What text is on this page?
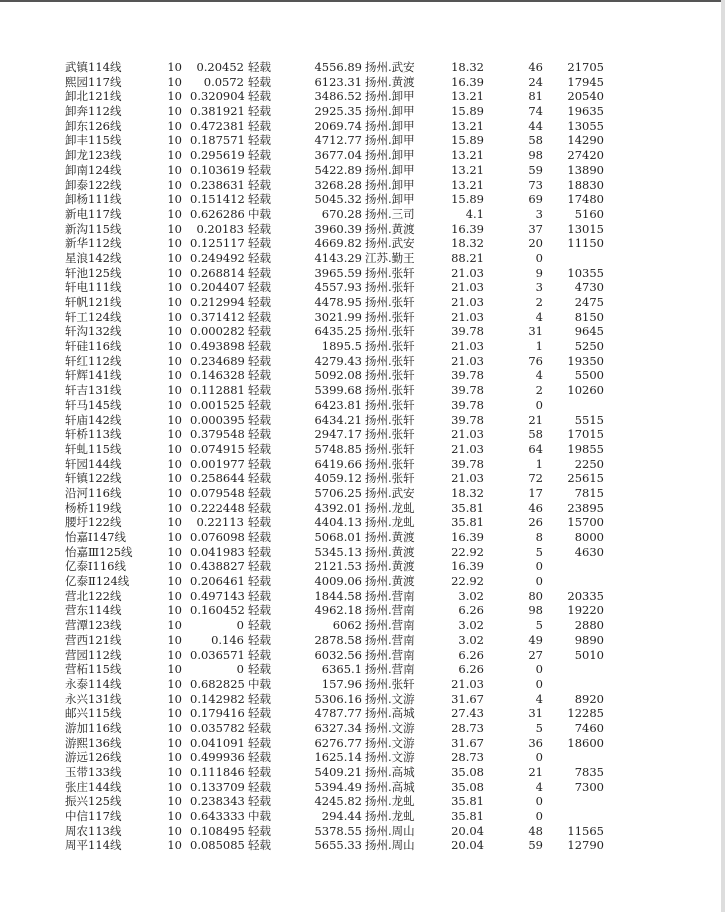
武镇114线	10	0.20452 轻载	4556.89 扬州.武安	18.32	46	21705
熙园117线	10	0.0572 轻载	6123.31 扬州.黄渡	16.39	24	17945
卸北121线	10 0.320904 轻载	3486.52 扬州.卸甲	13.21	81	20540
卸奔112线	10 0.381921 轻载	2925.35 扬州.卸甲	15.89	74	19635
卸东126线	10 0.472381 轻载	2069.74 扬州.卸甲	13.21	44	13055
卸丰115线	10 0.187571 轻载	4712.77 扬州.卸甲	15.89	58	14290
卸龙123线	10 0.295619 轻载	3677.04 扬州.卸甲	13.21	98	27420
卸南124线	10 0.103619 轻载	5422.89 扬州.卸甲	13.21	59	13890
卸泰122线	10 0.238631 轻载	3268.28 扬州.卸甲	13.21	73	18830
卸杨111线	10 0.151412 轻载	5045.32 扬州.卸甲	15.89	69	17480
新电117线	10 0.626286 中载	670.28 扬州.三司	4.1	3	5160
新沟115线	10	0.20183 轻载	3960.39 扬州.黄渡	16.39	37	13015
新华112线	10 0.125117 轻载	4669.82 扬州.武安	18.32	20	11150
星浪142线	10 0.249492 轻载	4143.29 江苏.勤王	88.21	0
轩池125线	10 0.268814 轻载	3965.59 扬州.张轩	21.03	9	10355
轩电111线	10 0.204407 轻载	4557.93 扬州.张轩	21.03	3	4730
轩帆121线	10 0.212994 轻载	4478.95 扬州.张轩	21.03	2	2475
轩工124线	10 0.371412 轻载	3021.99 扬州.张轩	21.03	4	8150
轩沟132线	10 0.000282 轻载	6435.25 扬州.张轩	39.78	31	9645
轩硅116线	10 0.493898 轻载	1895.5 扬州.张轩	21.03	1	5250
轩红112线	10 0.234689 轻载	4279.43 扬州.张轩	21.03	76	19350
轩辉141线	10 0.146328 轻载	5092.08 扬州.张轩	39.78	4	5500
轩吉131线	10 0.112881 轻载	5399.68 扬州.张轩	39.78	2	10260
轩马145线	10 0.001525 轻载	6423.81 扬州.张轩	39.78	0
轩庙142线	10 0.000395 轻载	6434.21 扬州.张轩	39.78	21	5515
轩桥113线	10 0.379548 轻载	2947.17 扬州.张轩	21.03	58	17015
轩虬115线	10 0.074915 轻载	5748.85 扬州.张轩	21.03	64	19855
轩园144线	10 0.001977 轻载	6419.66 扬州.张轩	39.78	1	2250
轩镇122线	10 0.258644 轻载	4059.12 扬州.张轩	21.03	72	25615
沿河116线	10 0.079548 轻载	5706.25 扬州.武安	18.32	17	7815
杨桥119线	10 0.222448 轻载	4392.01 扬州.龙虬	35.81	46	23895
腰圩122线	10	0.22113 轻载	4404.13 扬州.龙虬	35.81	26	15700
怡嘉Ⅰ147线	10 0.076098 轻载	5068.01 扬州.黄渡	16.39	8	8000
怡嘉Ⅲ125线	10 0.041983 轻载	5345.13 扬州.黄渡	22.92	5	4630
亿泰Ⅰ116线	10 0.438827 轻载	2121.53 扬州.黄渡	16.39	0
亿泰Ⅱ124线	10 0.206461 轻载	4009.06 扬州.黄渡	22.92	0
营北122线	10 0.497143 轻载	1844.58 扬州.营南	3.02	80	20335
营东114线	10 0.160452 轻载	4962.18 扬州.营南	6.26	98	19220
营潭123线	10	0 轻载	6062 扬州.营南	3.02	5	2880
营西121线	10	0.146 轻载	2878.58 扬州.营南	3.02	49	9890
营园112线	10 0.036571 轻载	6032.56 扬州.营南	6.26	27	5010
营柘115线	10	0 轻载	6365.1 扬州.营南	6.26	0
永泰114线	10 0.682825 中载	157.96 扬州.张轩	21.03	0
永兴131线	10 0.142982 轻载	5306.16 扬州.文游	31.67	4	8920
邮兴115线	10 0.179416 轻载	4787.77 扬州.高城	27.43	31	12285
游加116线	10 0.035782 轻载	6327.34 扬州.文游	28.73	5	7460
游熙136线	10 0.041091 轻载	6276.77 扬州.文游	31.67	36	18600
游远126线	10 0.499936 轻载	1625.14 扬州.文游	28.73	0
玉带133线	10 0.111846 轻载	5409.21 扬州.高城	35.08	21	7835
张庄144线	10 0.133709 轻载	5394.49 扬州.高城	35.08	4	7300
振兴125线	10 0.238343 轻载	4245.82 扬州.龙虬	35.81	0
中信117线	10 0.643333 中载	294.44 扬州.龙虬	35.81	0
周农113线	10 0.108495 轻载	5378.55 扬州.周山	20.04	48	11565
周平114线	10 0.085085 轻载	5655.33 扬州.周山	20.04	59	12790
